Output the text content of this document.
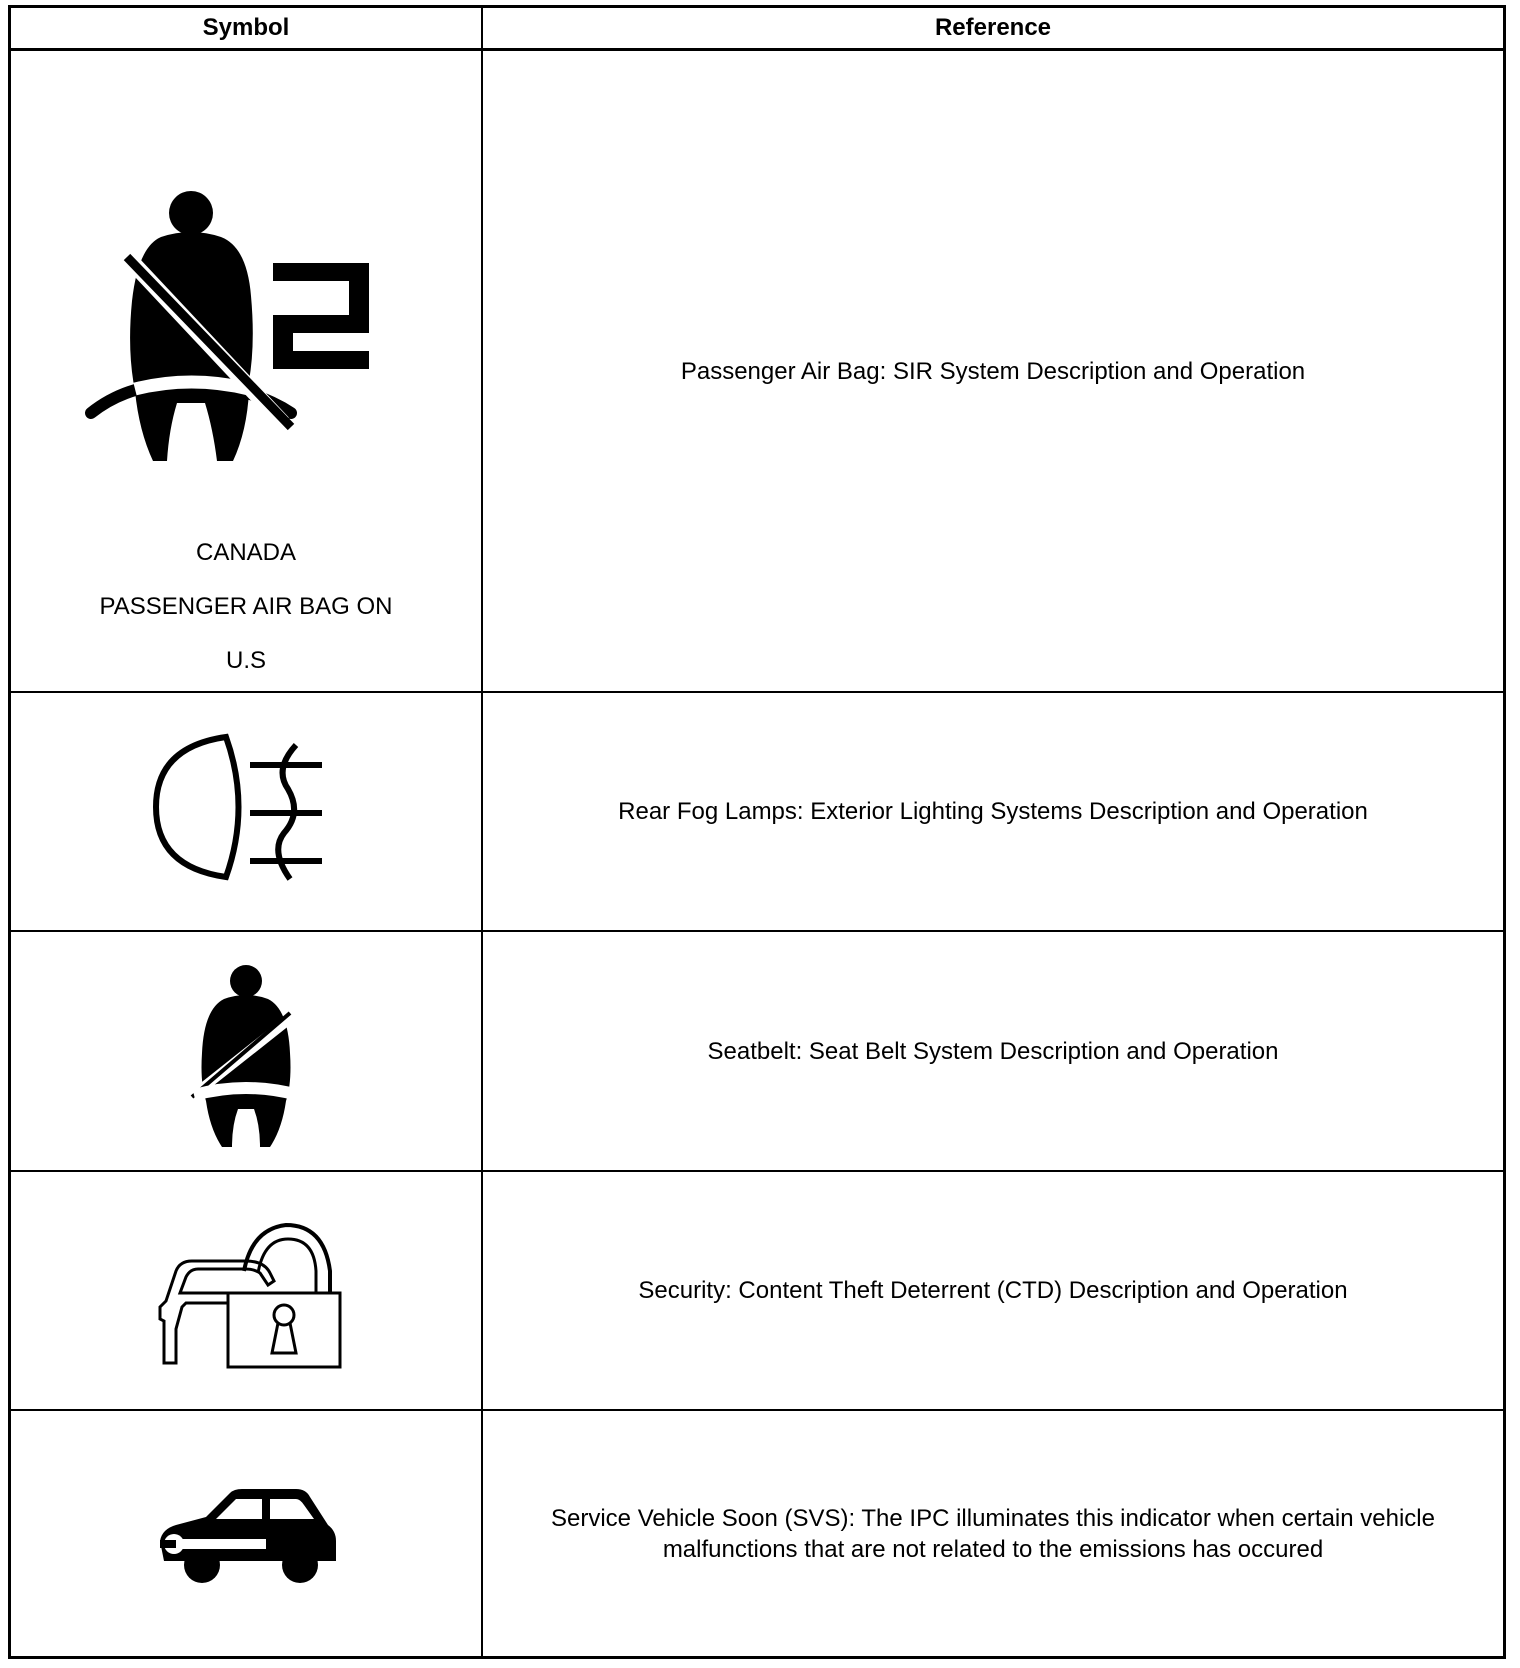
Symbol	Reference
CANADA
PASSENGER AIR BAG ON
U.S
Passenger Air Bag: SIR System Description and Operation
Rear Fog Lamps: Exterior Lighting Systems Description and Operation
Seatbelt: Seat Belt System Description and Operation
Security: Content Theft Deterrent (CTD) Description and Operation
Service Vehicle Soon (SVS): The IPC illuminates this indicator when certain vehicle malfunctions that are not related to the emissions has occured
